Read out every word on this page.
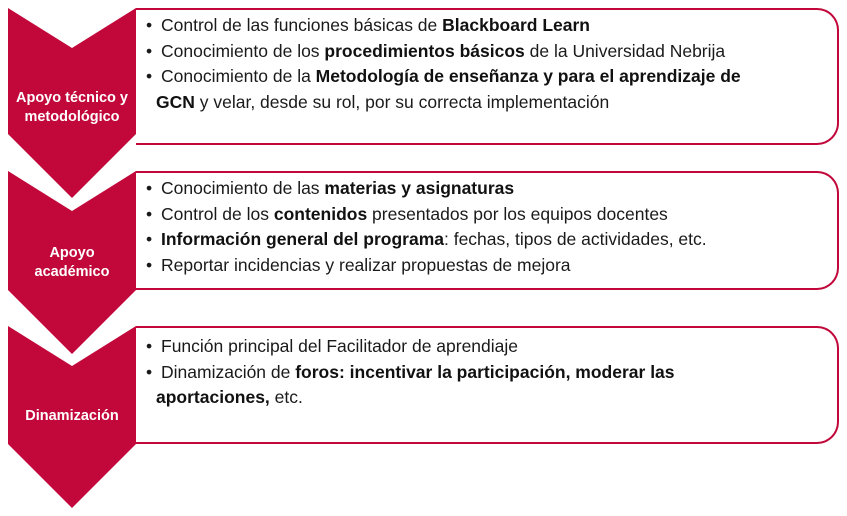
Apoyo técnico y
metodológico

• Control de las funciones básicas de Blackboard Learn

• Conocimiento de los procedimientos básicos de la Universidad Nebrija

• Conocimiento de la Metodología de enseñanza y para el aprendizaje de
GCN y velar, desde su rol, por su correcta implementación

Apoyo
académico

• Conocimiento de las materias y asignaturas

• Control de los contenidos presentados por los equipos docentes

• Información general del programa: fechas, tipos de actividades, etc.

• Reportar incidencias y realizar propuestas de mejora

Dinamización

• Función principal del Facilitador de aprendiaje

• Dinamización de foros: incentivar la participación, moderar las
aportaciones, etc.
